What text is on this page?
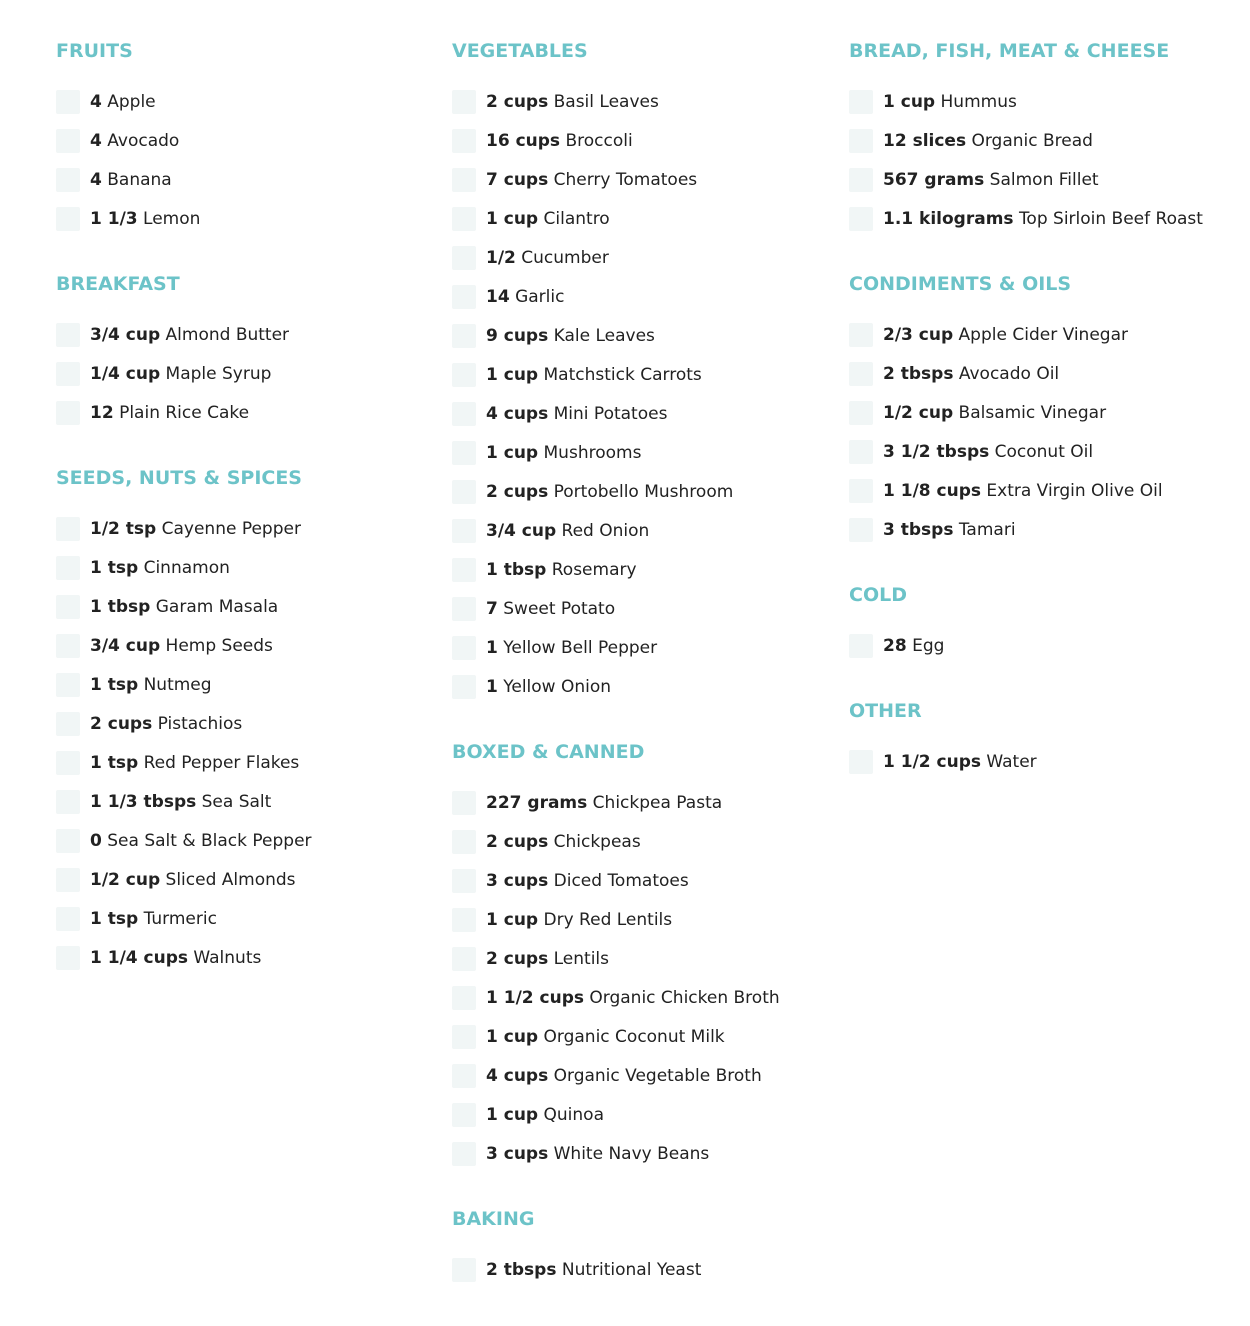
FRUITS
4 Apple
4 Avocado
4 Banana
1 1/3 Lemon
BREAKFAST
3/4 cup Almond Butter
1/4 cup Maple Syrup
12 Plain Rice Cake
SEEDS, NUTS & SPICES
1/2 tsp Cayenne Pepper
1 tsp Cinnamon
1 tbsp Garam Masala
3/4 cup Hemp Seeds
1 tsp Nutmeg
2 cups Pistachios
1 tsp Red Pepper Flakes
1 1/3 tbsps Sea Salt
0 Sea Salt & Black Pepper
1/2 cup Sliced Almonds
1 tsp Turmeric
1 1/4 cups Walnuts
VEGETABLES
2 cups Basil Leaves
16 cups Broccoli
7 cups Cherry Tomatoes
1 cup Cilantro
1/2 Cucumber
14 Garlic
9 cups Kale Leaves
1 cup Matchstick Carrots
4 cups Mini Potatoes
1 cup Mushrooms
2 cups Portobello Mushroom
3/4 cup Red Onion
1 tbsp Rosemary
7 Sweet Potato
1 Yellow Bell Pepper
1 Yellow Onion
BOXED & CANNED
227 grams Chickpea Pasta
2 cups Chickpeas
3 cups Diced Tomatoes
1 cup Dry Red Lentils
2 cups Lentils
1 1/2 cups Organic Chicken Broth
1 cup Organic Coconut Milk
4 cups Organic Vegetable Broth
1 cup Quinoa
3 cups White Navy Beans
BAKING
2 tbsps Nutritional Yeast
BREAD, FISH, MEAT & CHEESE
1 cup Hummus
12 slices Organic Bread
567 grams Salmon Fillet
1.1 kilograms Top Sirloin Beef Roast
CONDIMENTS & OILS
2/3 cup Apple Cider Vinegar
2 tbsps Avocado Oil
1/2 cup Balsamic Vinegar
3 1/2 tbsps Coconut Oil
1 1/8 cups Extra Virgin Olive Oil
3 tbsps Tamari
COLD
28 Egg
OTHER
1 1/2 cups Water
